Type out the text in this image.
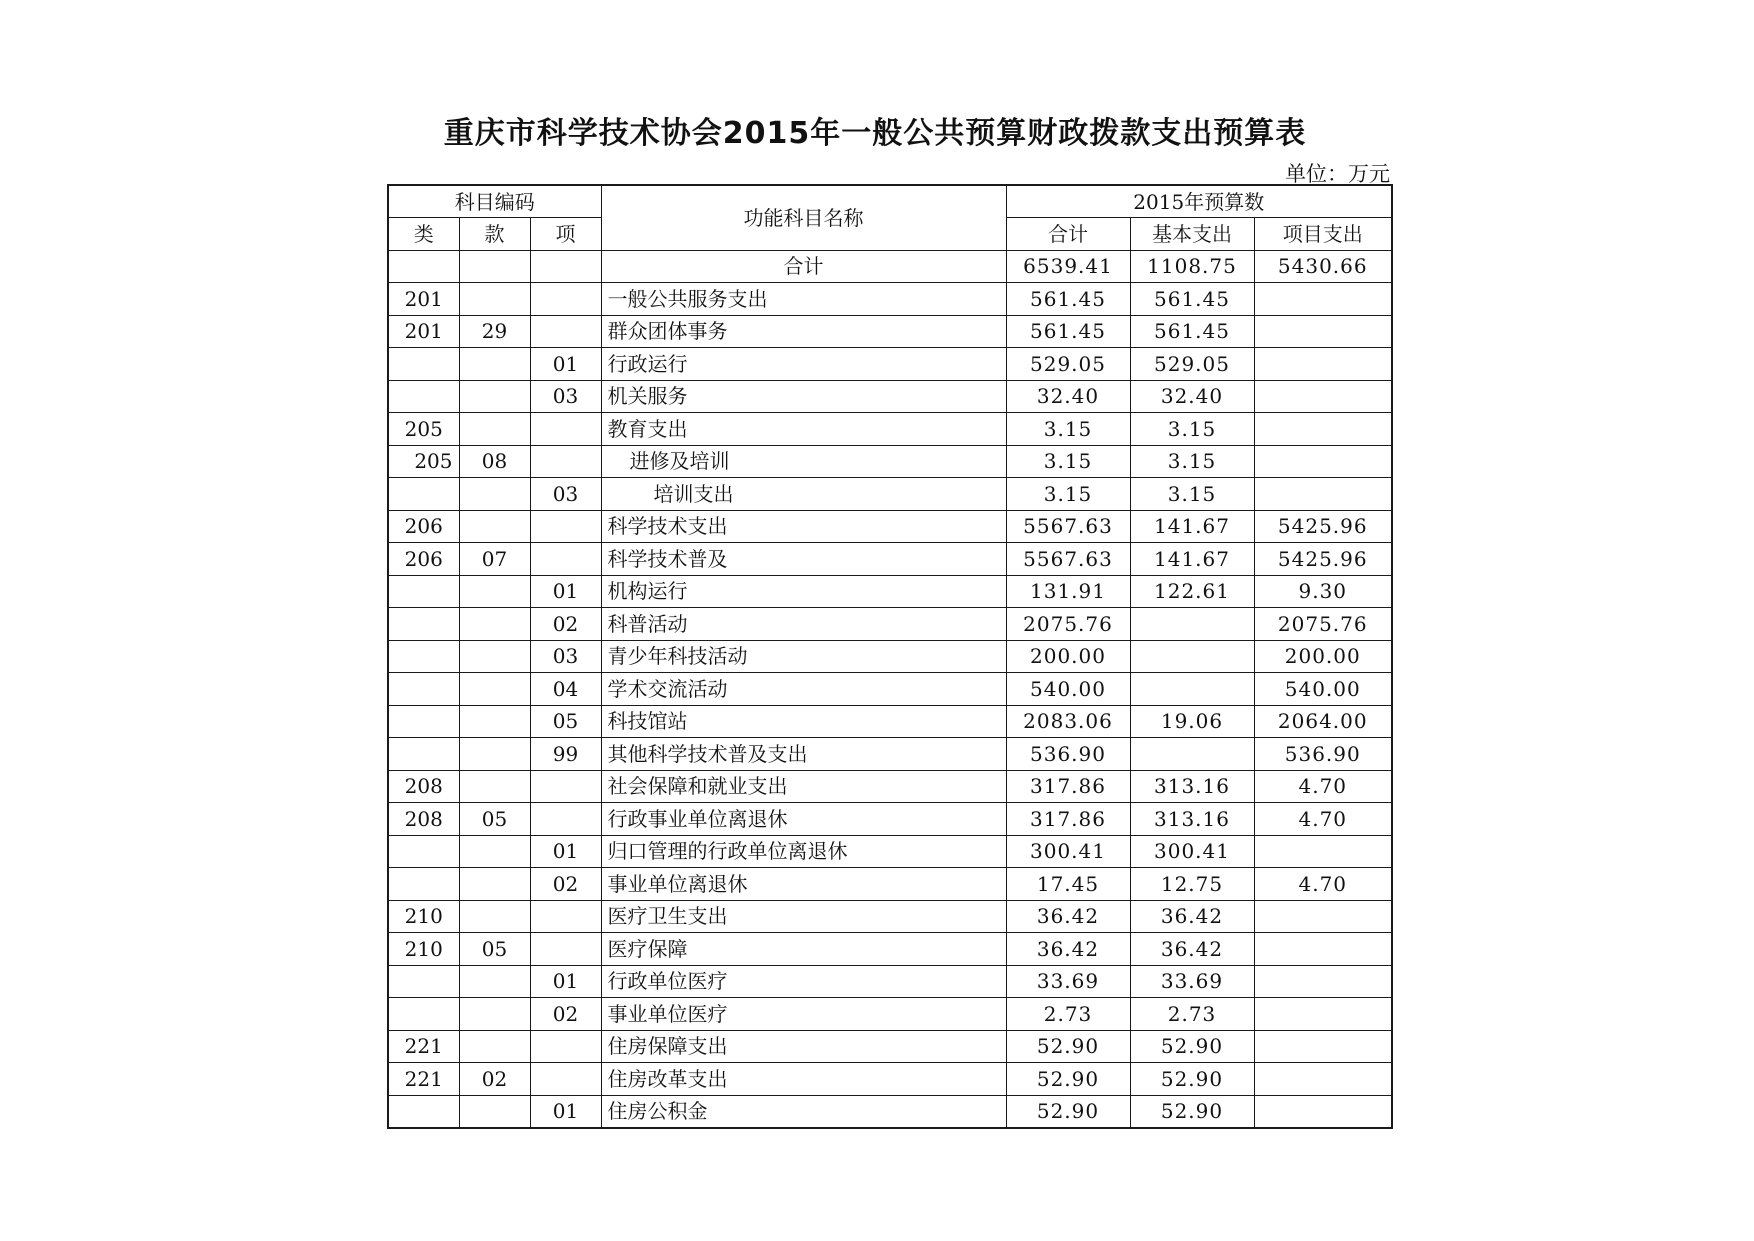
重庆市科学技术协会2015年一般公共预算财政拨款支出预算表
单位：万元
科目编码			功能科目名称	2015年预算数		
类	款	项		合计	基本支出	项目支出
			合计	6539.41	1108.75	5430.66
201			一般公共服务支出	561.45	561.45	
201	29		群众团体事务	561.45	561.45	
		01	行政运行	529.05	529.05	
		03	机关服务	32.40	32.40	
205			教育支出	3.15	3.15	
205	08		进修及培训	3.15	3.15	
		03	培训支出	3.15	3.15	
206			科学技术支出	5567.63	141.67	5425.96
206	07		科学技术普及	5567.63	141.67	5425.96
		01	机构运行	131.91	122.61	9.30
		02	科普活动	2075.76		2075.76
		03	青少年科技活动	200.00		200.00
		04	学术交流活动	540.00		540.00
		05	科技馆站	2083.06	19.06	2064.00
		99	其他科学技术普及支出	536.90		536.90
208			社会保障和就业支出	317.86	313.16	4.70
208	05		行政事业单位离退休	317.86	313.16	4.70
		01	归口管理的行政单位离退休	300.41	300.41	
		02	事业单位离退休	17.45	12.75	4.70
210			医疗卫生支出	36.42	36.42	
210	05		医疗保障	36.42	36.42	
		01	行政单位医疗	33.69	33.69	
		02	事业单位医疗	2.73	2.73	
221			住房保障支出	52.90	52.90	
221	02		住房改革支出	52.90	52.90	
		01	住房公积金	52.90	52.90	
